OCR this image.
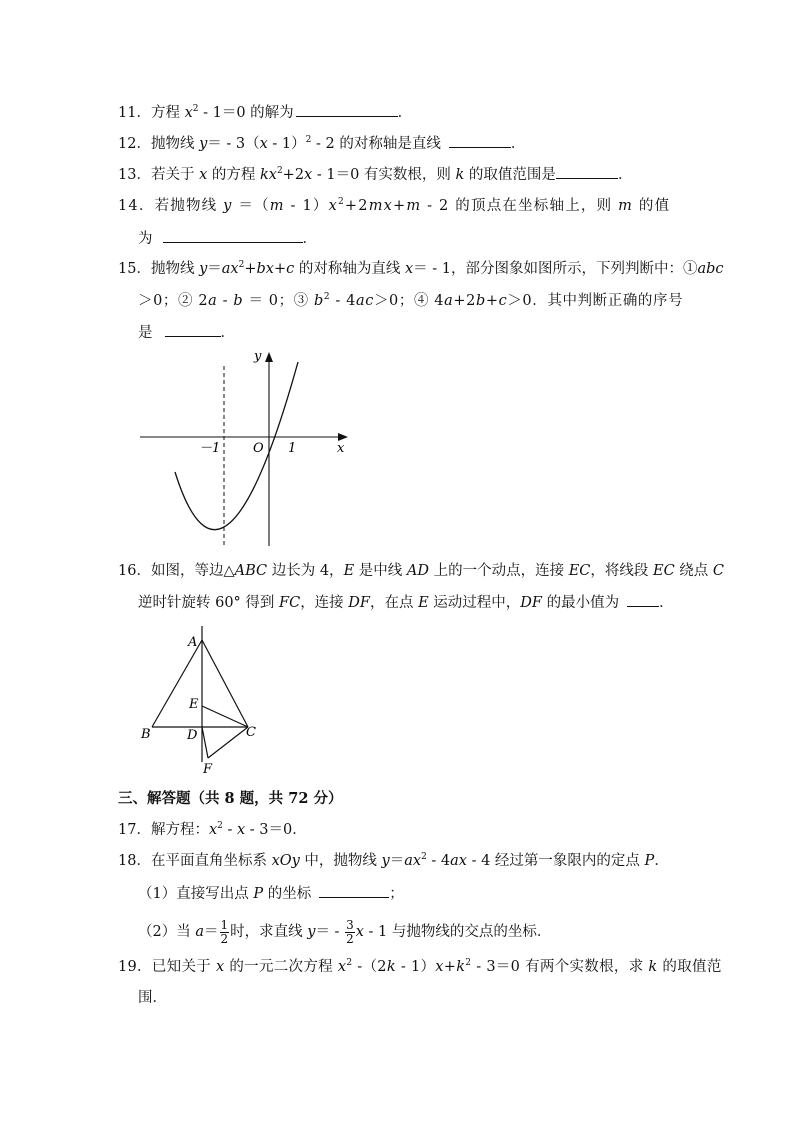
11．方程 $x^2 - 1=0$ 的解为	．
12．抛物线 y＝ - 3（x - 1）$^2$ - 2 的对称轴是直线	．
13．若关于 x 的方程 $kx^2+2x - 1=0$ 有实数根，则 k 的取值范围是	．
14．若抛物线 $y =(m - 1)x^2+2mx+m - 2$ 的顶点在坐标轴上，则 m 的值
为	．
15．抛物线 $y=ax^2+bx+c$ 的对称轴为直线 x＝ - 1，部分图象如图所示，下列判断中：①abc
＞0；② 2a - b ＝ 0；③ $b^2 - 4ac>0$；④ 4a+2b+c＞0．其中判断正确的序号
是	．
y
x
O
－1	1
A
B	C
D
E
F
16．如图，等边△ABC 边长为 4，E 是中线 AD 上的一个动点，连接 EC，将线段 EC 绕点 C
逆时针旋转 60° 得到 FC，连接 DF，在点 E 运动过程中，DF 的最小值为	．
三、解答题（共 8 题，共 72 分）
17．解方程：$x^2 - x - 3=0$．
18．在平面直角坐标系 xOy 中，抛物线 $y=ax^2 - 4ax - 4$ 经过第一象限内的定点 P．
（1）直接写出点 P 的坐标	；
（2）当 $a= \frac{1}{2}$ 时，求直线 $y= - \frac{3}{2}$ x - 1 与抛物线的交点的坐标．
19．已知关于 x 的一元二次方程 $x^2$ $-(2k - 1)x+k^2 - 3=0$ 有两个实数根，求 k 的取值范
围．
